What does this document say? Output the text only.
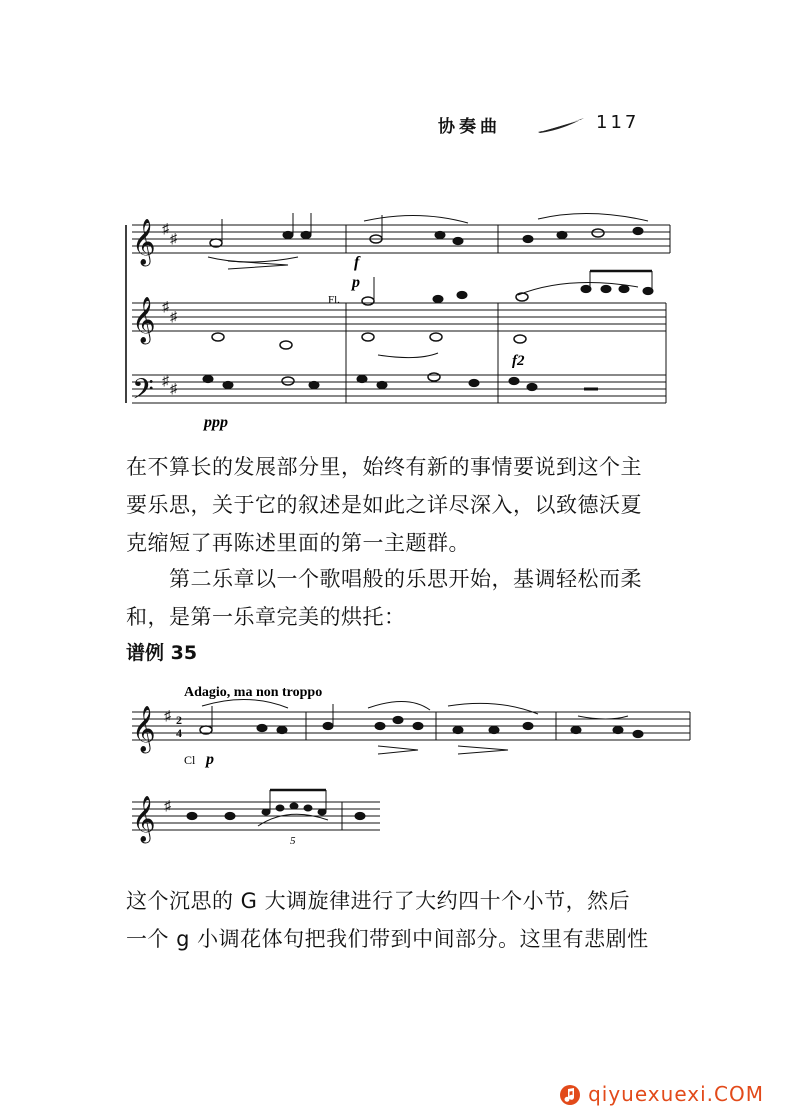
协奏曲	117
𝄞
𝄞
𝄢
♯
♯
♯
♯
♯
♯
f
p
Fl.
f2
ppp
在不算长的发展部分里，始终有新的事情要说到这个主
要乐思，关于它的叙述是如此之详尽深入，以致德沃夏
克缩短了再陈述里面的第一主题群。
　　第二乐章以一个歌唱般的乐思开始，基调轻松而柔
和，是第一乐章完美的烘托：
谱例 35
Adagio, ma non troppo
𝄞
𝄞
♯
♯
2
4
Cl p
5
这个沉思的 G 大调旋律进行了大约四十个小节，然后
一个 g 小调花体句把我们带到中间部分。这里有悲剧性
qiyuexuexi.COM
